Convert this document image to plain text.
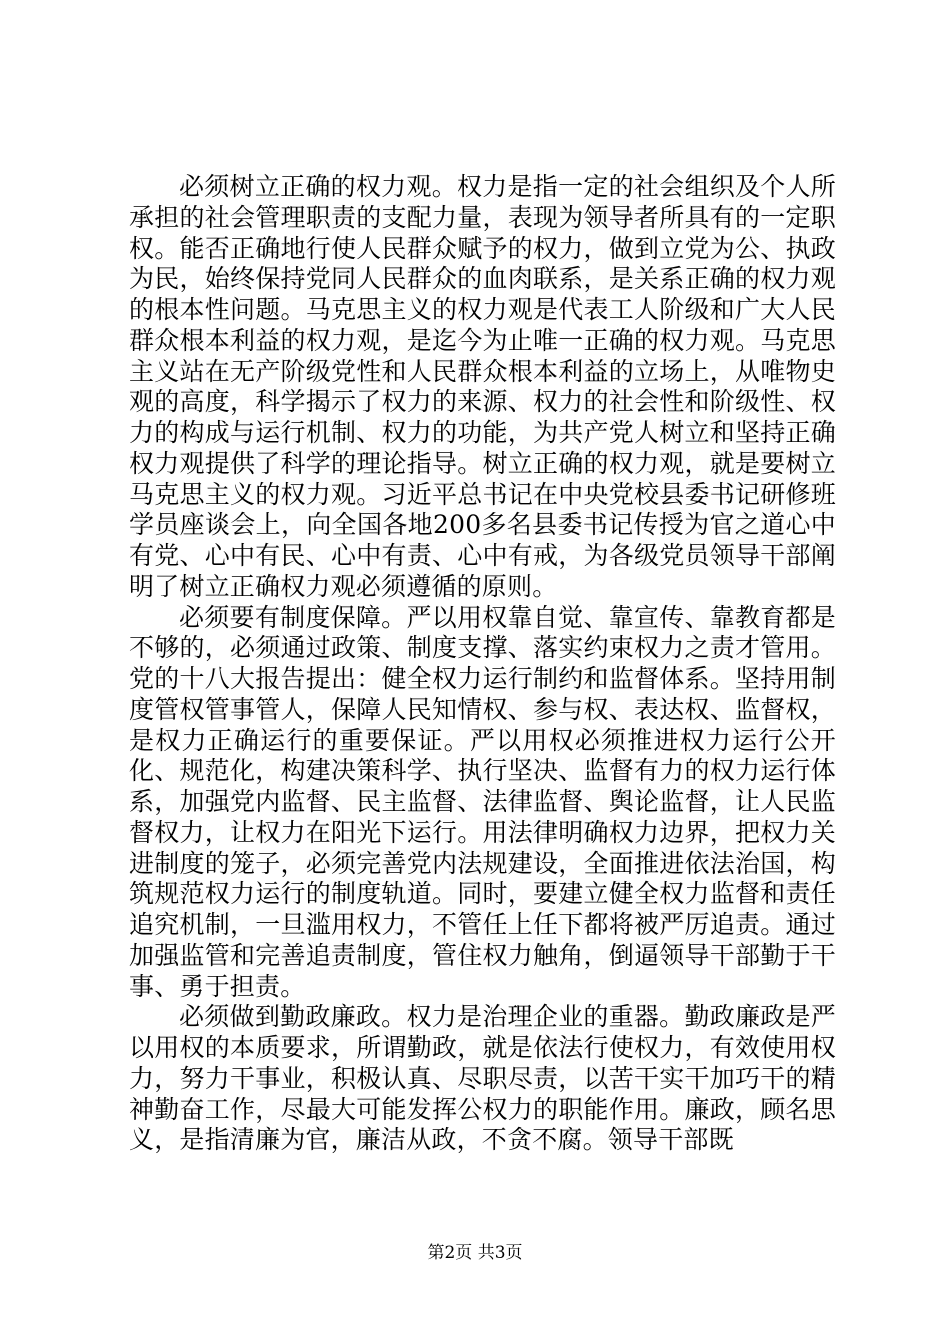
必须树立正确的权力观。权力是指一定的社会组织及个人所承担的社会管理职责的支配力量，表现为领导者所具有的一定职权。能否正确地行使人民群众赋予的权力，做到立党为公、执政为民，始终保持党同人民群众的血肉联系，是关系正确的权力观的根本性问题。马克思主义的权力观是代表工人阶级和广大人民群众根本利益的权力观，是迄今为止唯一正确的权力观。马克思主义站在无产阶级党性和人民群众根本利益的立场上，从唯物史观的高度，科学揭示了权力的来源、权力的社会性和阶级性、权力的构成与运行机制、权力的功能，为共产党人树立和坚持正确权力观提供了科学的理论指导。树立正确的权力观，就是要树立马克思主义的权力观。习近平总书记在中央党校县委书记研修班学员座谈会上，向全国各地200多名县委书记传授为官之道心中有党、心中有民、心中有责、心中有戒，为各级党员领导干部阐明了树立正确权力观必须遵循的原则。

必须要有制度保障。严以用权靠自觉、靠宣传、靠教育都是不够的，必须通过政策、制度支撑、落实约束权力之责才管用。党的十八大报告提出：健全权力运行制约和监督体系。坚持用制度管权管事管人，保障人民知情权、参与权、表达权、监督权，是权力正确运行的重要保证。严以用权必须推进权力运行公开化、规范化，构建决策科学、执行坚决、监督有力的权力运行体系，加强党内监督、民主监督、法律监督、舆论监督，让人民监督权力，让权力在阳光下运行。用法律明确权力边界，把权力关进制度的笼子，必须完善党内法规建设，全面推进依法治国，构筑规范权力运行的制度轨道。同时，要建立健全权力监督和责任追究机制，一旦滥用权力，不管任上任下都将被严厉追责。通过加强监管和完善追责制度，管住权力触角，倒逼领导干部勤于干事、勇于担责。

必须做到勤政廉政。权力是治理企业的重器。勤政廉政是严以用权的本质要求，所谓勤政，就是依法行使权力，有效使用权力，努力干事业，积极认真、尽职尽责，以苦干实干加巧干的精神勤奋工作，尽最大可能发挥公权力的职能作用。廉政，顾名思义，是指清廉为官，廉洁从政，不贪不腐。领导干部既

第2页 共3页
